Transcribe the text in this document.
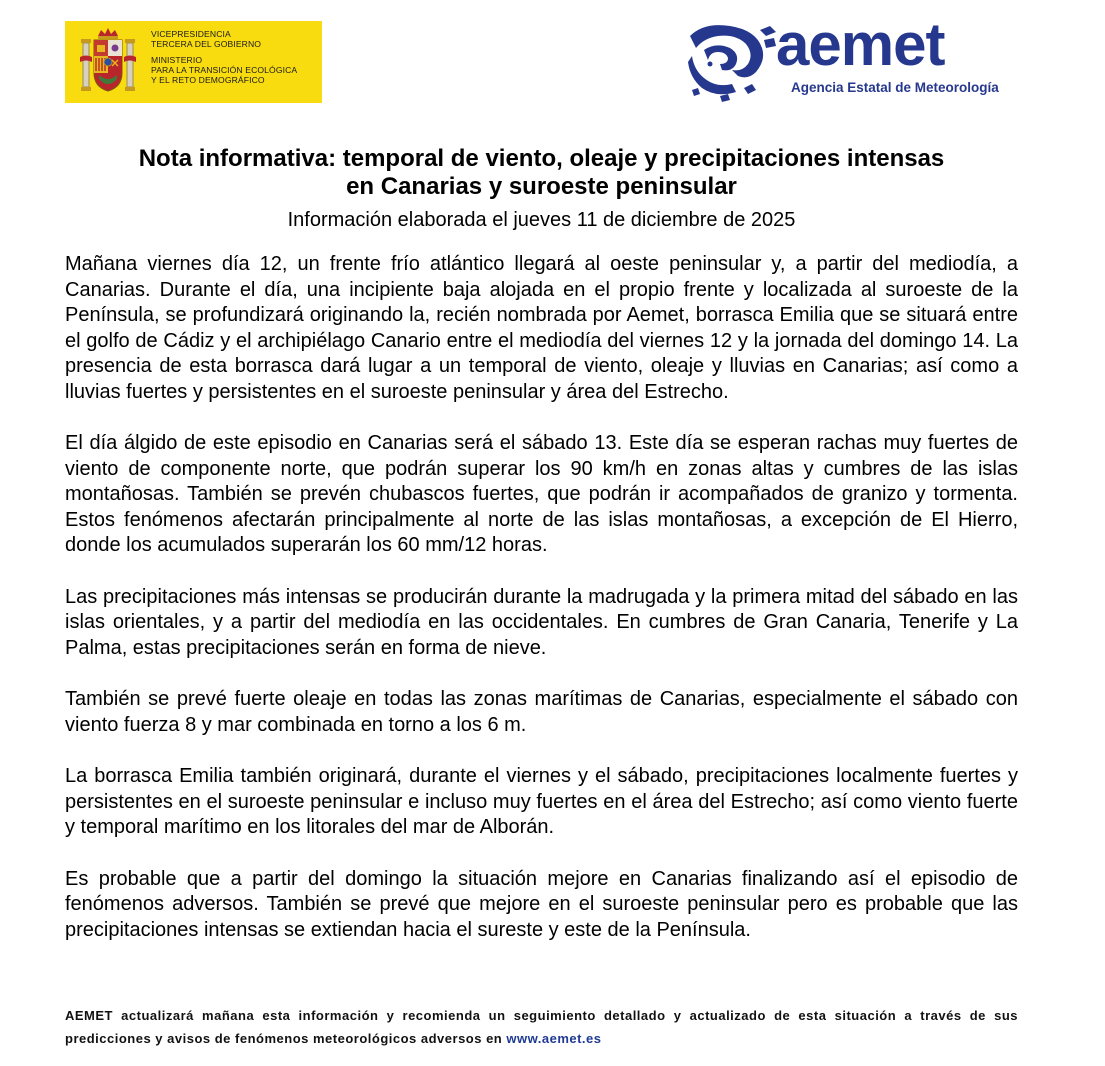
VICEPRESIDENCIA
TERCERA DEL GOBIERNO
MINISTERIO
PARA LA TRANSICIÓN ECOLÓGICA
Y EL RETO DEMOGRÁFICO
aemet
Agencia Estatal de Meteorología
Nota informativa: temporal de viento, oleaje y precipitaciones intensas
en Canarias y suroeste peninsular
Información elaborada el jueves 11 de diciembre de 2025

Mañana viernes día 12, un frente frío atlántico llegará al oeste peninsular y, a partir del mediodía, a Canarias. Durante el día, una incipiente baja alojada en el propio frente y localizada al suroeste de la Península, se profundizará originando la, recién nombrada por Aemet, borrasca Emilia que se situará entre el golfo de Cádiz y el archipiélago Canario entre el mediodía del viernes 12 y la jornada del domingo 14. La presencia de esta borrasca dará lugar a un temporal de viento, oleaje y lluvias en Canarias; así como a lluvias fuertes y persistentes en el suroeste peninsular y área del Estrecho.

El día álgido de este episodio en Canarias será el sábado 13. Este día se esperan rachas muy fuertes de viento de componente norte, que podrán superar los 90 km/h en zonas altas y cumbres de las islas montañosas. También se prevén chubascos fuertes, que podrán ir acompañados de granizo y tormenta. Estos fenómenos afectarán principalmente al norte de las islas montañosas, a excepción de El Hierro, donde los acumulados superarán los 60 mm/12 horas.

Las precipitaciones más intensas se producirán durante la madrugada y la primera mitad del sábado en las islas orientales, y a partir del mediodía en las occidentales. En cumbres de Gran Canaria, Tenerife y La Palma, estas precipitaciones serán en forma de nieve.

También se prevé fuerte oleaje en todas las zonas marítimas de Canarias, especialmente el sábado con viento fuerza 8 y mar combinada en torno a los 6 m.

La borrasca Emilia también originará, durante el viernes y el sábado, precipitaciones localmente fuertes y persistentes en el suroeste peninsular e incluso muy fuertes en el área del Estrecho; así como viento fuerte y temporal marítimo en los litorales del mar de Alborán.

Es probable que a partir del domingo la situación mejore en Canarias finalizando así el episodio de fenómenos adversos. También se prevé que mejore en el suroeste peninsular pero es probable que las precipitaciones intensas se extiendan hacia el sureste y este de la Península.

AEMET actualizará mañana esta información y recomienda un seguimiento detallado y actualizado de esta situación a través de sus predicciones y avisos de fenómenos meteorológicos adversos en www.aemet.es
